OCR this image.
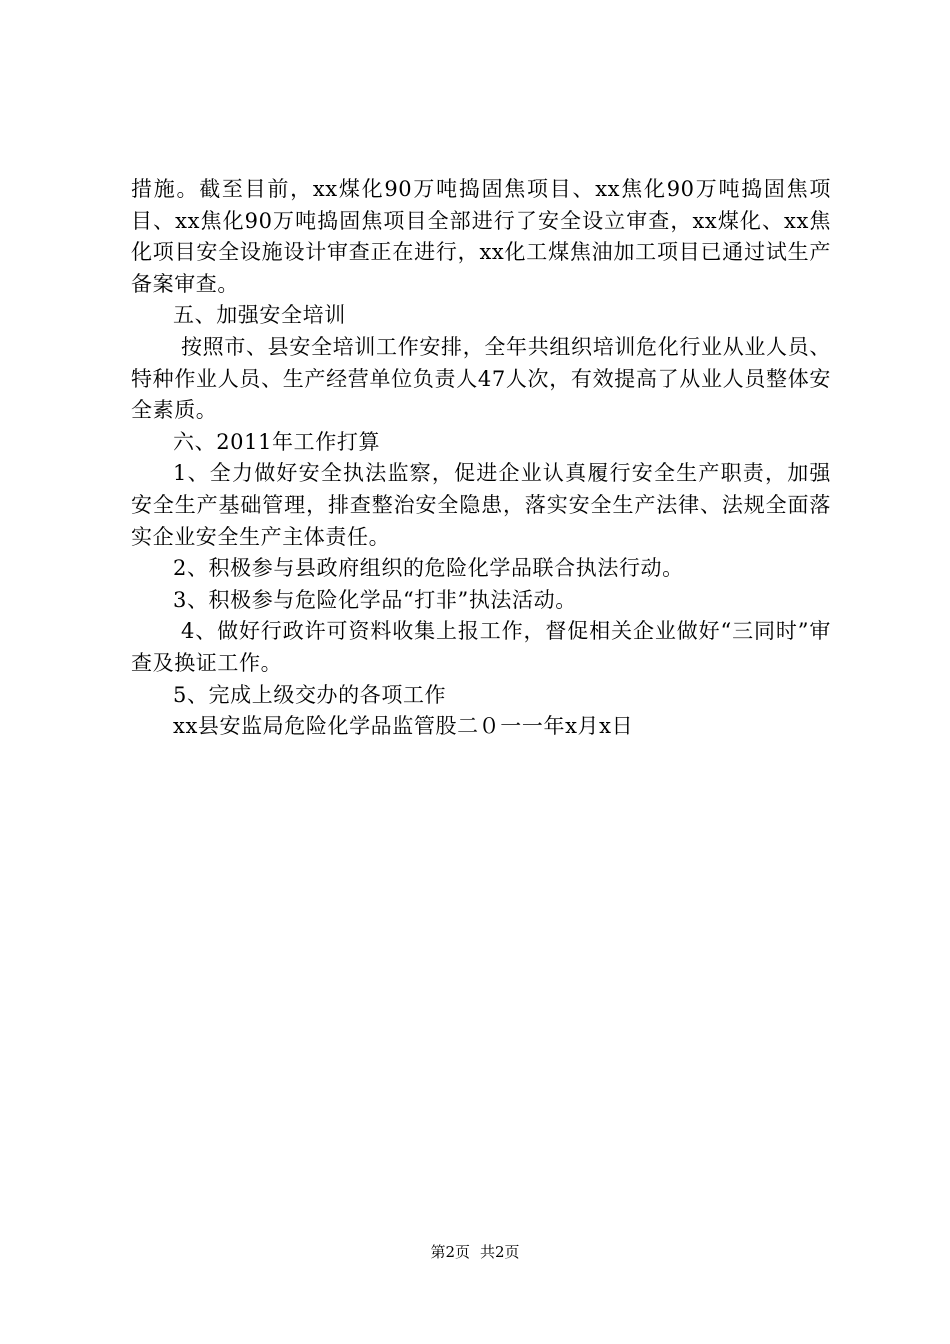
措施。截至目前，xx煤化90万吨捣固焦项目、xx焦化90万吨捣固焦项目、xx焦化90万吨捣固焦项目全部进行了安全设立审查，xx煤化、xx焦化项目安全设施设计审查正在进行，xx化工煤焦油加工项目已通过试生产备案审查。

五、加强安全培训

按照市、县安全培训工作安排，全年共组织培训危化行业从业人员、特种作业人员、生产经营单位负责人47人次，有效提高了从业人员整体安全素质。

六、2011年工作打算

1、全力做好安全执法监察，促进企业认真履行安全生产职责，加强安全生产基础管理，排查整治安全隐患，落实安全生产法律、法规全面落实企业安全生产主体责任。

2、积极参与县政府组织的危险化学品联合执法行动。

3、积极参与危险化学品“打非”执法活动。

4、做好行政许可资料收集上报工作，督促相关企业做好“三同时”审查及换证工作。

5、完成上级交办的各项工作

xx县安监局危险化学品监管股二０一一年x月x日

第2页 共2页
